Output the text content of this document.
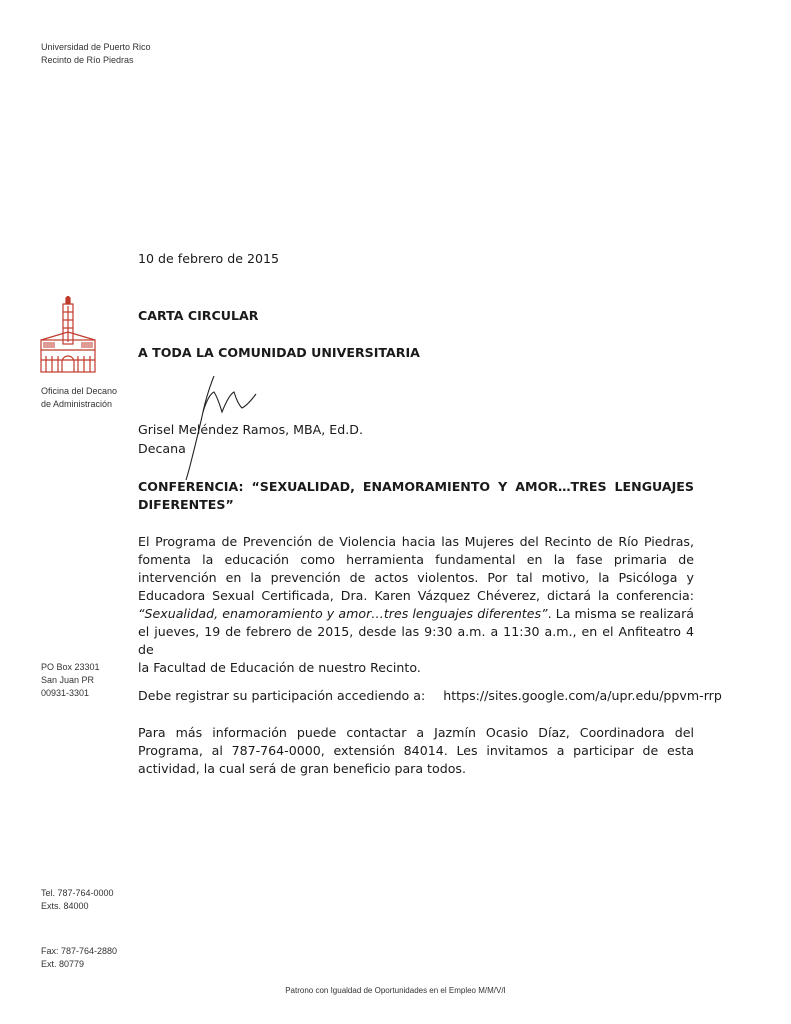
Universidad de Puerto Rico
Recinto de Río Piedras
Oficina del Decano
de Administración
PO Box 23301
San Juan PR
00931-3301
Tel. 787-764-0000
Exts. 84000
Fax: 787-764-2880
Ext. 80779
10 de febrero de 2015
CARTA CIRCULAR
A TODA LA COMUNIDAD UNIVERSITARIA
Grisel Meléndez Ramos, MBA, Ed.D.
Decana
CONFERENCIA: “SEXUALIDAD, ENAMORAMIENTO Y AMOR…TRES LENGUAJES
DIFERENTES”
El Programa de Prevención de Violencia hacia las Mujeres del Recinto de Río Piedras,
fomenta la educación como herramienta fundamental en la fase primaria de
intervención en la prevención de actos violentos. Por tal motivo, la Psicóloga y
Educadora Sexual Certificada, Dra. Karen Vázquez Chéverez, dictará la conferencia:
“Sexualidad, enamoramiento y amor…tres lenguajes diferentes”. La misma se realizará
el jueves, 19 de febrero de 2015, desde las 9:30 a.m. a 11:30 a.m., en el Anfiteatro 4 de
la Facultad de Educación de nuestro Recinto.
Debe registrar su participación accediendo a: https://sites.google.com/a/upr.edu/ppvm-rrp
Para más información puede contactar a Jazmín Ocasio Díaz, Coordinadora del
Programa, al 787-764-0000, extensión 84014. Les invitamos a participar de esta
actividad, la cual será de gran beneficio para todos.
Patrono con Igualdad de Oportunidades en el Empleo M/M/V/I
